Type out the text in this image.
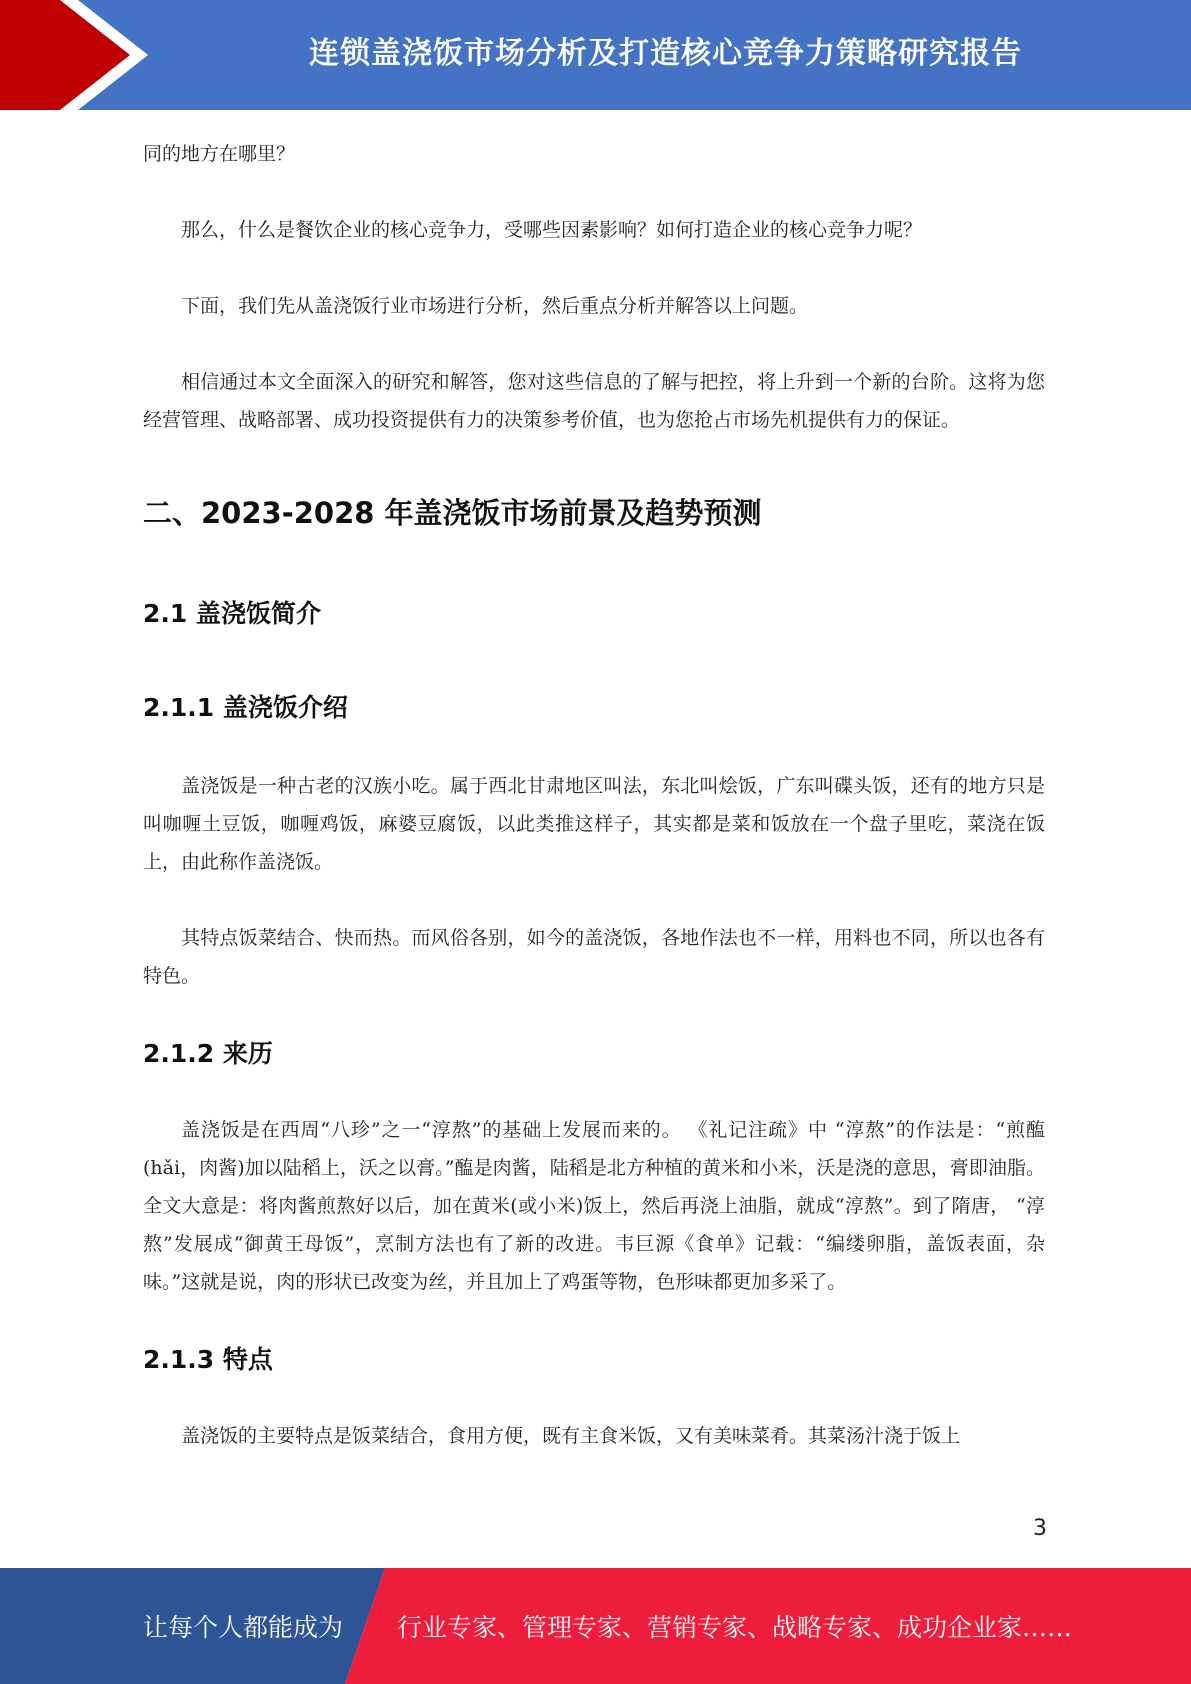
连锁盖浇饭市场分析及打造核心竞争力策略研究报告

同的地方在哪里？

那么，什么是餐饮企业的核心竞争力，受哪些因素影响？如何打造企业的核心竞争力呢？

下面，我们先从盖浇饭行业市场进行分析，然后重点分析并解答以上问题。

相信通过本文全面深入的研究和解答，您对这些信息的了解与把控，将上升到一个新的台阶。这将为您经营管理、战略部署、成功投资提供有力的决策参考价值，也为您抢占市场先机提供有力的保证。

二、2023-2028 年盖浇饭市场前景及趋势预测
2.1 盖浇饭简介
2.1.1 盖浇饭介绍

盖浇饭是一种古老的汉族小吃。属于西北甘肃地区叫法，东北叫烩饭，广东叫碟头饭，还有的地方只是叫咖喱土豆饭，咖喱鸡饭，麻婆豆腐饭，以此类推这样子，其实都是菜和饭放在一个盘子里吃，菜浇在饭上，由此称作盖浇饭。

其特点饭菜结合、快而热。而风俗各别，如今的盖浇饭，各地作法也不一样，用料也不同，所以也各有特色。

2.1.2 来历

盖浇饭是在西周“八珍”之一“淳熬”的基础上发展而来的。 《礼记注疏》中 “淳熬”的作法是：“煎醢(hǎi，肉酱)加以陆稻上，沃之以膏。”醢是肉酱，陆稻是北方种植的黄米和小米，沃是浇的意思，膏即油脂。全文大意是：将肉酱煎熬好以后，加在黄米(或小米)饭上，然后再浇上油脂，就成“淳熬”。到了隋唐， “淳熬”发展成“御黄王母饭”，烹制方法也有了新的改进。韦巨源《食单》记载：“编缕卵脂，盖饭表面，杂味。”这就是说，肉的形状已改变为丝，并且加上了鸡蛋等物，色形味都更加多采了。

2.1.3 特点

盖浇饭的主要特点是饭菜结合，食用方便，既有主食米饭，又有美味菜肴。其菜汤汁浇于饭上

3
让每个人都能成为 行业专家、管理专家、营销专家、战略专家、成功企业家……
